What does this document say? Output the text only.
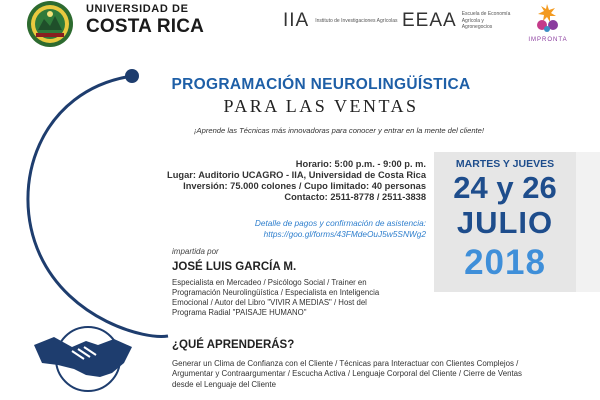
UNIVERSIDAD DE
COSTA RICA	IIA Instituto de Investigaciones Agrícolas EEAA Escuela de Economía Agrícola y Agronegocios
IMPRONTA
PROGRAMACIÓN NEUROLINGÜÍSTICA
PARA LAS VENTAS
¡Aprende las Técnicas más innovadoras para conocer y entrar en la mente del cliente!
Horario: 5:00 p.m. - 9:00 p. m.
Lugar: Auditorio UCAGRO - IIA, Universidad de Costa Rica
Inversión: 75.000 colones / Cupo limitado: 40 personas
Contacto: 2511-8778 / 2511-3838
Detalle de pagos y confirmación de asistencia:
https://goo.gl/forms/43FMdeOuJ5w5SNWg2
MARTES Y JUEVES
24 y 26
JULIO
2018
impartida por
JOSÉ LUIS GARCÍA M.
Especialista en Mercadeo / Psicólogo Social / Trainer en Programación Neurolingüística / Especialista en Inteligencia Emocional / Autor del Libro "VIVIR A MEDIAS" / Host del Programa Radial "PAISAJE HUMANO"
¿QUÉ APRENDERÁS?
Generar un Clima de Confianza con el Cliente / Técnicas para Interactuar con Clientes Complejos / Argumentar y Contraargumentar / Escucha Activa / Lenguaje Corporal del Cliente / Cierre de Ventas desde el Lenguaje del Cliente
